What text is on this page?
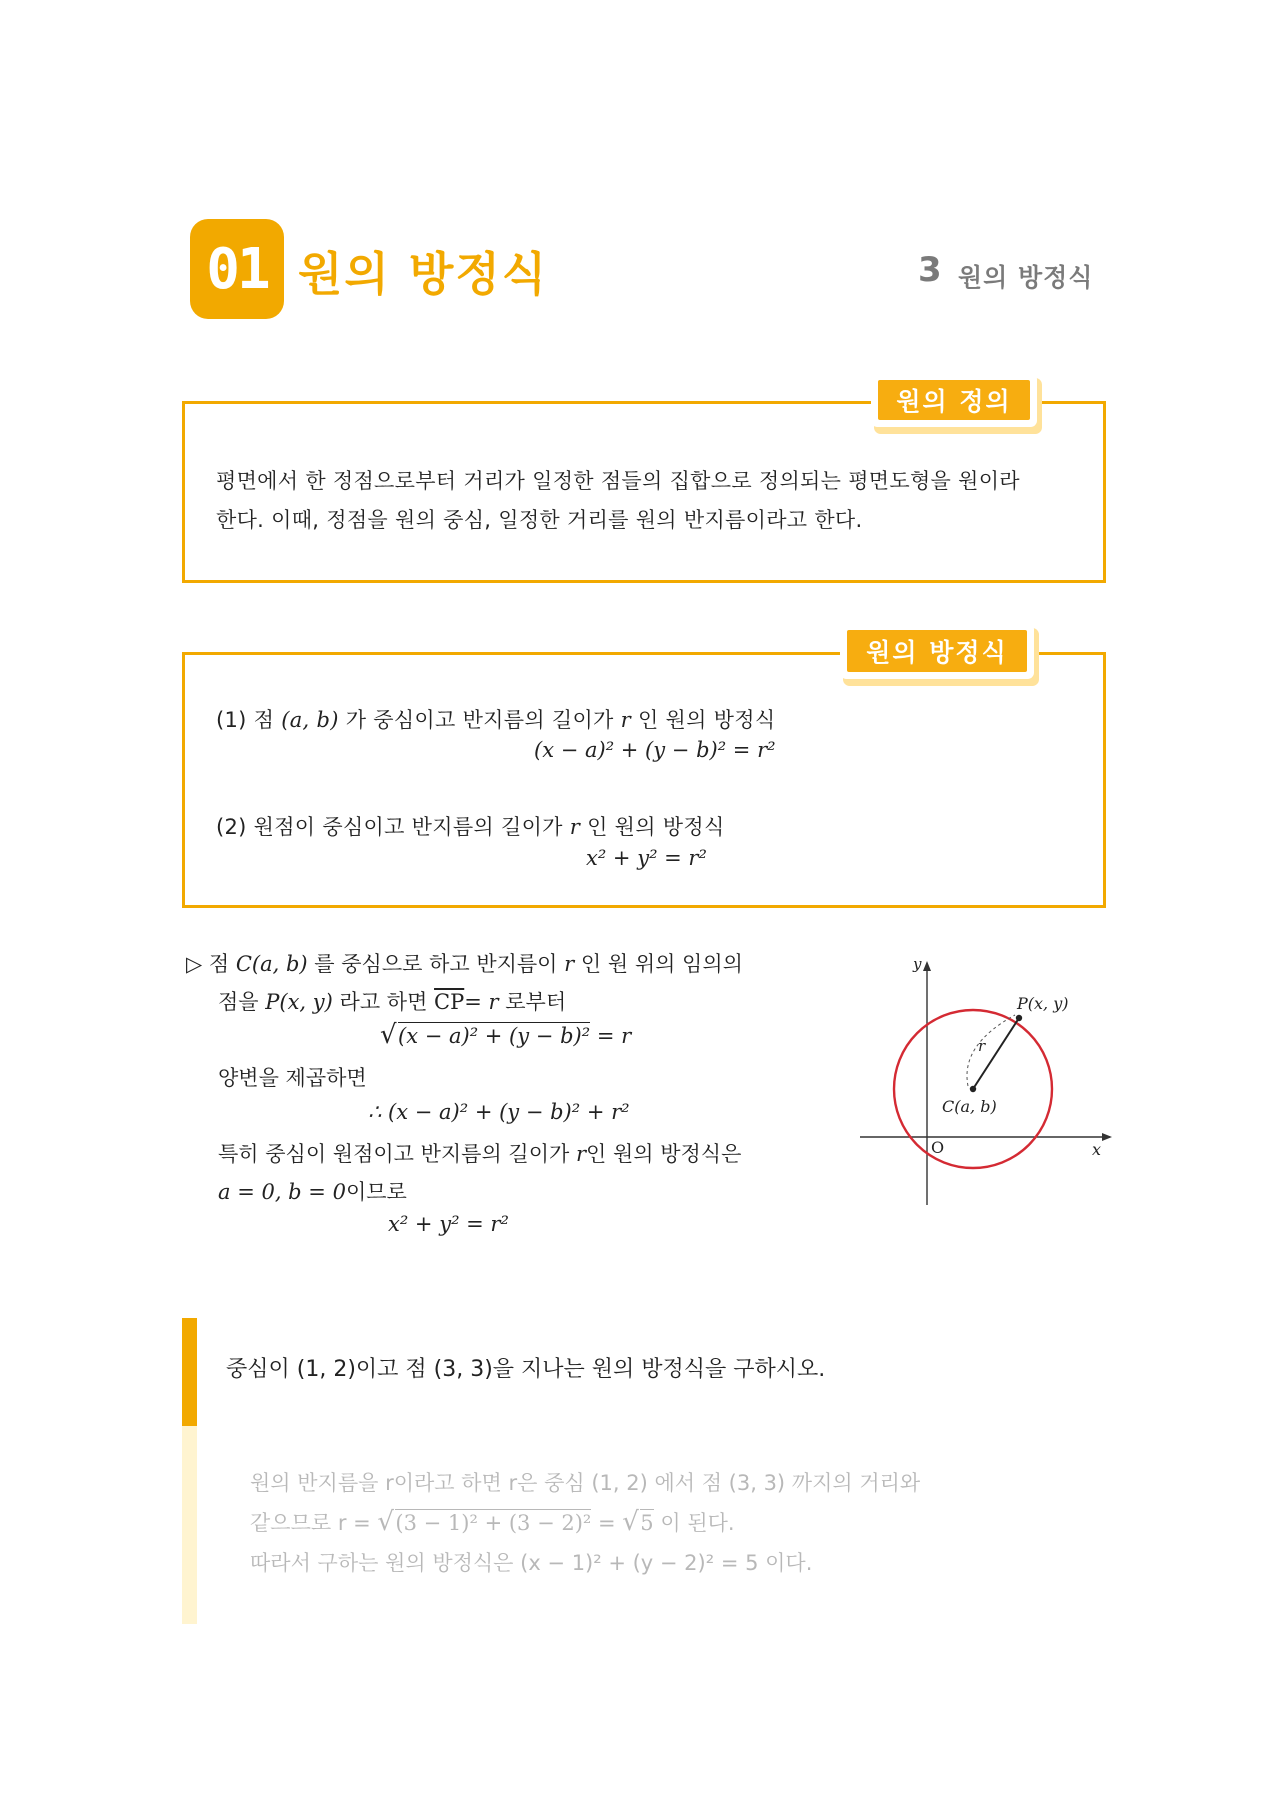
01 원의 방정식	3 원의 방정식
원의 정의
평면에서 한 정점으로부터 거리가 일정한 점들의 집합으로 정의되는 평면도형을 원이라
한다. 이때, 정점을 원의 중심, 일정한 거리를 원의 반지름이라고 한다.
원의 방정식
(1) 점 (a, b) 가 중심이고 반지름의 길이가 r 인 원의 방정식
(x − a)² + (y − b)² = r²
(2) 원점이 중심이고 반지름의 길이가 r 인 원의 방정식
x² + y² = r²
▷ 점 C(a, b) 를 중심으로 하고 반지름이 r 인 원 위의 임의의
점을 P(x, y) 라고 하면 $\overline{CP}= r$ 로부터
√ (x − a)² + (y − b)² = r
양변을 제곱하면
∴ (x − a)² + (y − b)² + r²
특히 중심이 원점이고 반지름의 길이가 r인 원의 방정식은
a = 0, b = 0이므로
x² + y² = r²
y
x
O
C(a, b)
P(x, y)
r
중심이 (1, 2)이고 점 (3, 3)을 지나는 원의 방정식을 구하시오.
원의 반지름을 r이라고 하면 r은 중심 (1, 2) 에서 점 (3, 3) 까지의 거리와
같으므로 r = √ (3 − 1)² + (3 − 2)² = √ 5 이 된다.
따라서 구하는 원의 방정식은 (x − 1)² + (y − 2)² = 5 이다.
